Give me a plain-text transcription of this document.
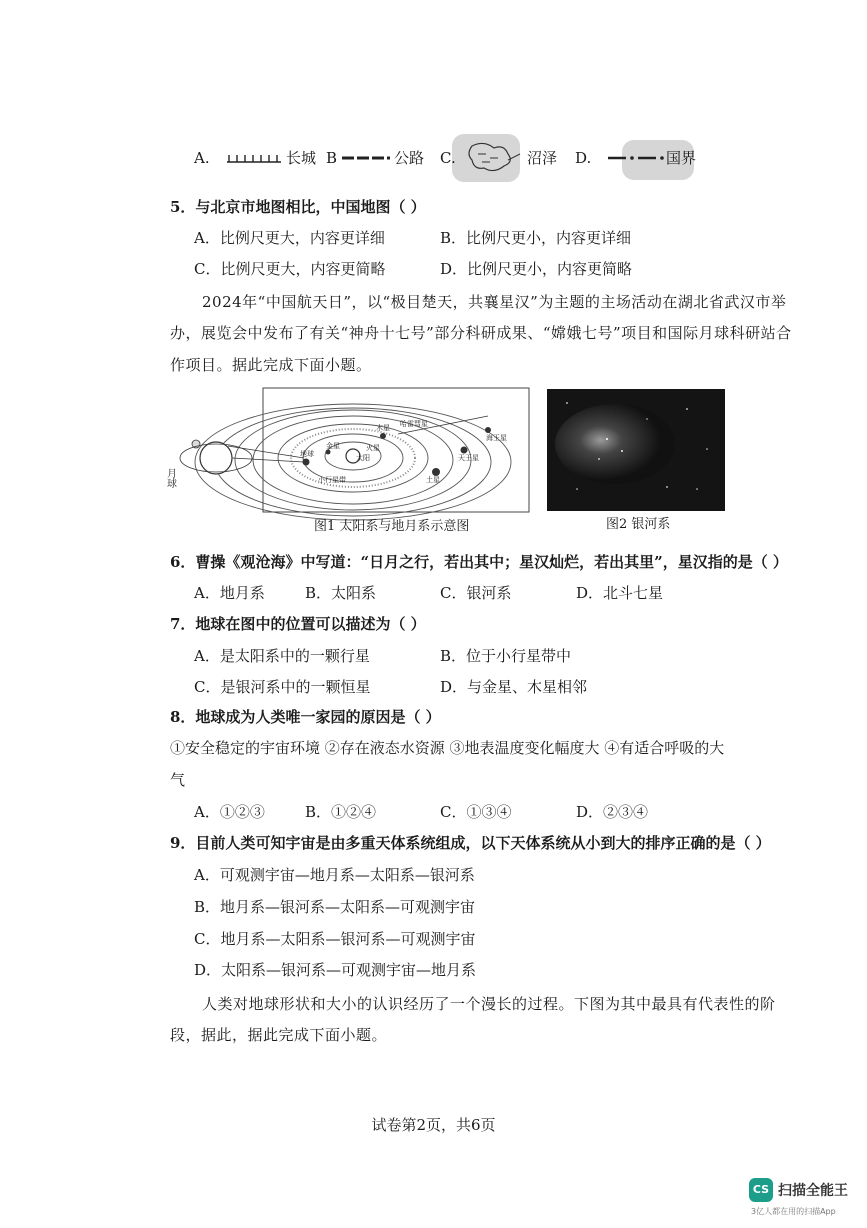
A.	长城 B	公路 C.	沼泽 D.	国界
5．与北京市地图相比，中国地图（ ）
A．比例尺更大，内容更详细	B．比例尺更小，内容更详细
C．比例尺更大，内容更简略	D．比例尺更小，内容更简略
2024年“中国航天日”，以“极目楚天，共襄星汉”为主题的主场活动在湖北省武汉市举
办，展览会中发布了有关“神舟十七号”部分科研成果、“嫦娥七号”项目和国际月球科研站合
作项目。据此完成下面小题。
月球
太阳
地球
金星	火星
木星
小行星带	土星
天王星
海王星
哈雷彗星
图1 太阳系与地月系示意图	图2 银河系
6．曹操《观沧海》中写道：“日月之行，若出其中；星汉灿烂，若出其里”，星汉指的是（ ）
A．地月系	B．太阳系	C．银河系	D．北斗七星
7．地球在图中的位置可以描述为（ ）
A．是太阳系中的一颗行星	B．位于小行星带中
C．是银河系中的一颗恒星	D．与金星、木星相邻
8．地球成为人类唯一家园的原因是（ ）
①安全稳定的宇宙环境 ②存在液态水资源 ③地表温度变化幅度大 ④有适合呼吸的大
气
A．①②③	B．①②④	C．①③④	D．②③④
9．目前人类可知宇宙是由多重天体系统组成，以下天体系统从小到大的排序正确的是（ ）
A．可观测宇宙—地月系—太阳系—银河系
B．地月系—银河系—太阳系—可观测宇宙
C．地月系—太阳系—银河系—可观测宇宙
D．太阳系—银河系—可观测宇宙—地月系
人类对地球形状和大小的认识经历了一个漫长的过程。下图为其中最具有代表性的阶
段，据此，据此完成下面小题。
试卷第2页，共6页
CS 扫描全能王
3亿人都在用的扫描App
